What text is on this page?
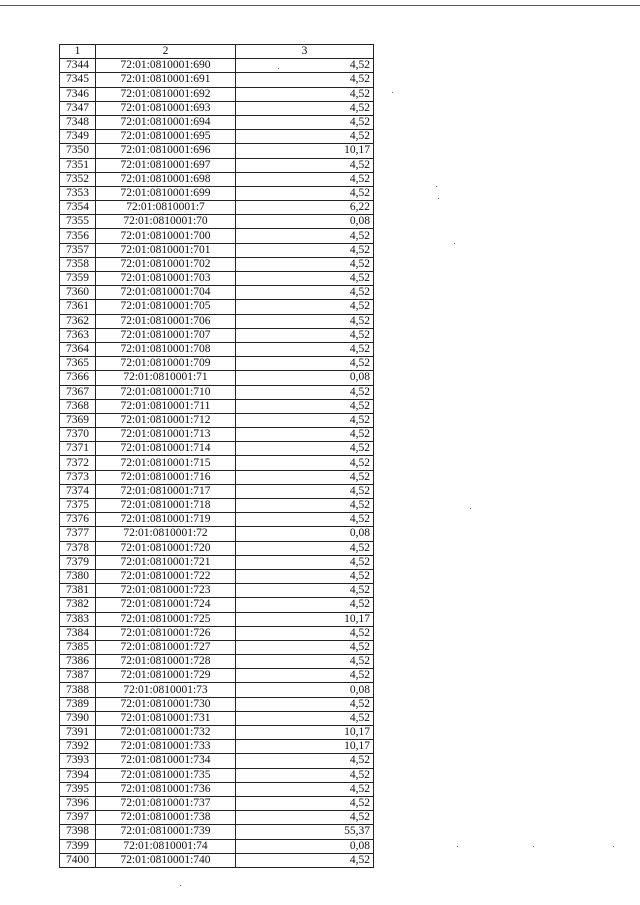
1	2	3
7344	72:01:0810001:690	4,52
7345	72:01:0810001:691	4,52
7346	72:01:0810001:692	4,52
7347	72:01:0810001:693	4,52
7348	72:01:0810001:694	4,52
7349	72:01:0810001:695	4,52
7350	72:01:0810001:696	10,17
7351	72:01:0810001:697	4,52
7352	72:01:0810001:698	4,52
7353	72:01:0810001:699	4,52
7354	72:01:0810001:7	6,22
7355	72:01:0810001:70	0,08
7356	72:01:0810001:700	4,52
7357	72:01:0810001:701	4,52
7358	72:01:0810001:702	4,52
7359	72:01:0810001:703	4,52
7360	72:01:0810001:704	4,52
7361	72:01:0810001:705	4,52
7362	72:01:0810001:706	4,52
7363	72:01:0810001:707	4,52
7364	72:01:0810001:708	4,52
7365	72:01:0810001:709	4,52
7366	72:01:0810001:71	0,08
7367	72:01:0810001:710	4,52
7368	72:01:0810001:711	4,52
7369	72:01:0810001:712	4,52
7370	72:01:0810001:713	4,52
7371	72:01:0810001:714	4,52
7372	72:01:0810001:715	4,52
7373	72:01:0810001:716	4,52
7374	72:01:0810001:717	4,52
7375	72:01:0810001:718	4,52
7376	72:01:0810001:719	4,52
7377	72:01:0810001:72	0,08
7378	72:01:0810001:720	4,52
7379	72:01:0810001:721	4,52
7380	72:01:0810001:722	4,52
7381	72:01:0810001:723	4,52
7382	72:01:0810001:724	4,52
7383	72:01:0810001:725	10,17
7384	72:01:0810001:726	4,52
7385	72:01:0810001:727	4,52
7386	72:01:0810001:728	4,52
7387	72:01:0810001:729	4,52
7388	72:01:0810001:73	0,08
7389	72:01:0810001:730	4,52
7390	72:01:0810001:731	4,52
7391	72:01:0810001:732	10,17
7392	72:01:0810001:733	10,17
7393	72:01:0810001:734	4,52
7394	72:01:0810001:735	4,52
7395	72:01:0810001:736	4,52
7396	72:01:0810001:737	4,52
7397	72:01:0810001:738	4,52
7398	72:01:0810001:739	55,37
7399	72:01:0810001:74	0,08
7400	72:01:0810001:740	4,52
